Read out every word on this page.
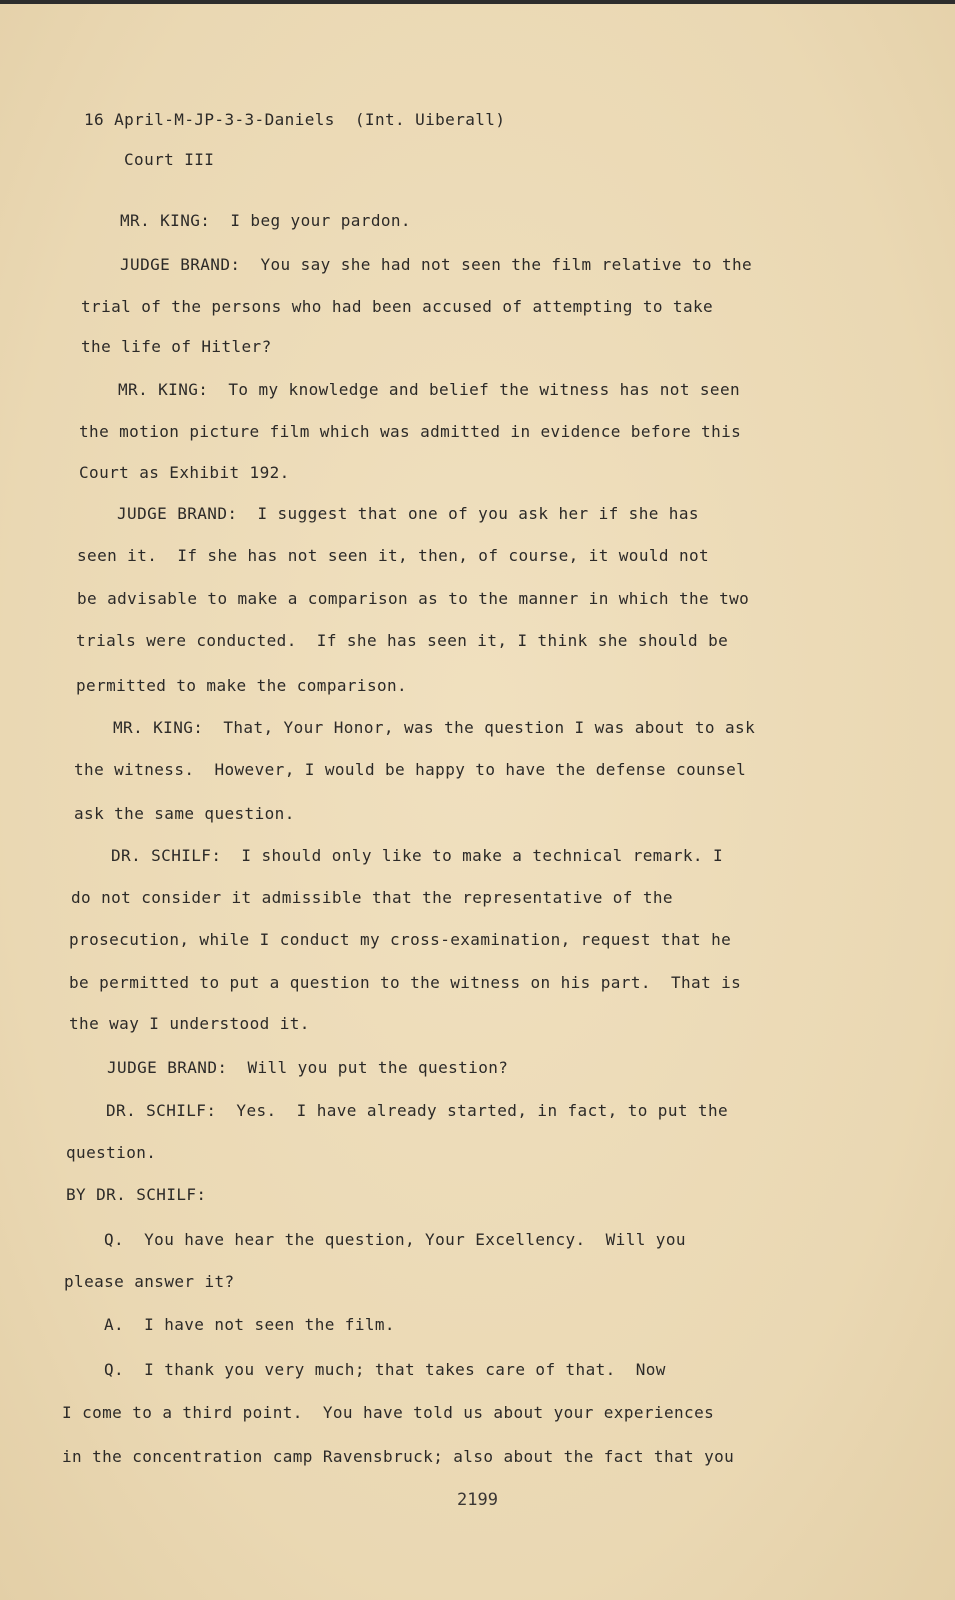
16 April-M-JP-3-3-Daniels  (Int. Uiberall)

Court III

MR. KING:  I beg your pardon.

JUDGE BRAND:  You say she had not seen the film relative to the

trial of the persons who had been accused of attempting to take

the life of Hitler?

MR. KING:  To my knowledge and belief the witness has not seen

the motion picture film which was admitted in evidence before this

Court as Exhibit 192.

JUDGE BRAND:  I suggest that one of you ask her if she has

seen it.  If she has not seen it, then, of course, it would not

be advisable to make a comparison as to the manner in which the two

trials were conducted.  If she has seen it, I think she should be

permitted to make the comparison.

MR. KING:  That, Your Honor, was the question I was about to ask

the witness.  However, I would be happy to have the defense counsel

ask the same question.

DR. SCHILF:  I should only like to make a technical remark. I

do not consider it admissible that the representative of the

prosecution, while I conduct my cross-examination, request that he

be permitted to put a question to the witness on his part.  That is

the way I understood it.

JUDGE BRAND:  Will you put the question?

DR. SCHILF:  Yes.  I have already started, in fact, to put the

question.

BY DR. SCHILF:

Q.  You have hear the question, Your Excellency.  Will you

please answer it?

A.  I have not seen the film.

Q.  I thank you very much; that takes care of that.  Now

I come to a third point.  You have told us about your experiences

in the concentration camp Ravensbruck; also about the fact that you

2199
